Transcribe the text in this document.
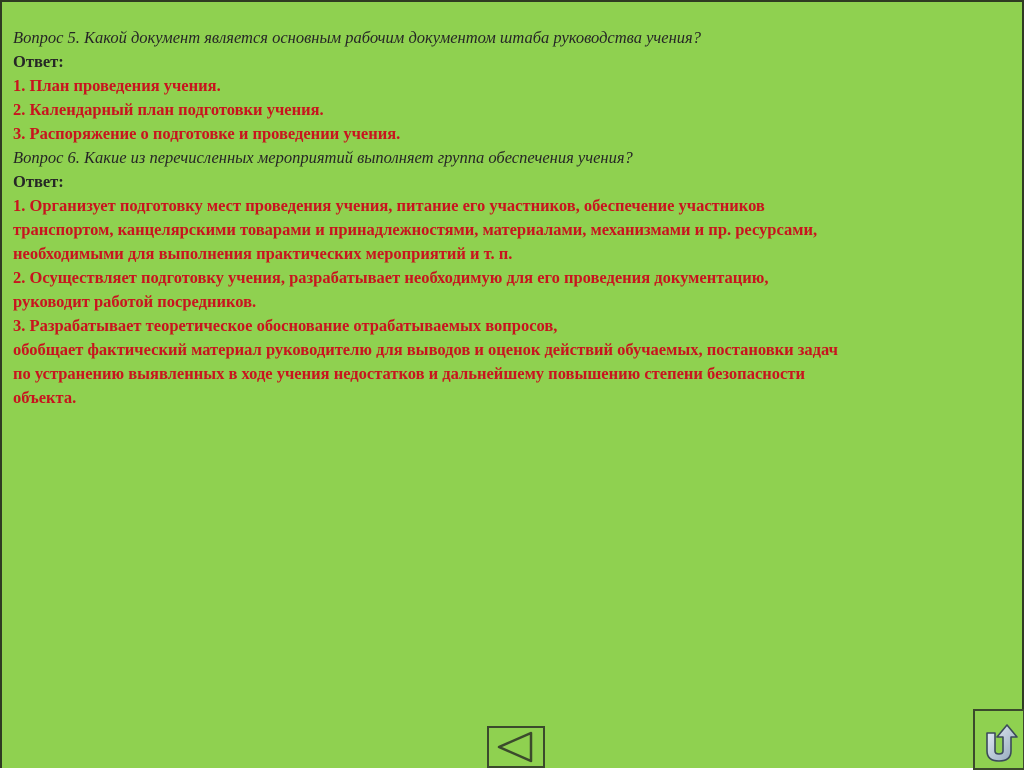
Вопрос 5. Какой документ является основным рабочим документом штаба руководства учения?
Ответ:
1. План проведения учения.
2. Календарный план подготовки учения.
3. Распоряжение о подготовке и проведении учения.
Вопрос 6. Какие из перечисленных мероприятий выполняет группа обеспечения учения?
Ответ:
1. Организует подготовку мест проведения учения, питание его участников, обеспечение участников
транспортом, канцелярскими товарами и принадлежностями, материалами, механизмами и пр. ресурсами,
необходимыми для выполнения практических мероприятий и т. п.
2. Осуществляет подготовку учения, разрабатывает необходимую для его проведения документацию,
руководит работой посредников.
3. Разрабатывает теоретическое обоснование отрабатываемых вопросов,
обобщает фактический материал руководителю для выводов и оценок действий обучаемых, постановки задач
по устранению выявленных в ходе учения недостатков и дальнейшему повышению степени безопасности
объекта.
